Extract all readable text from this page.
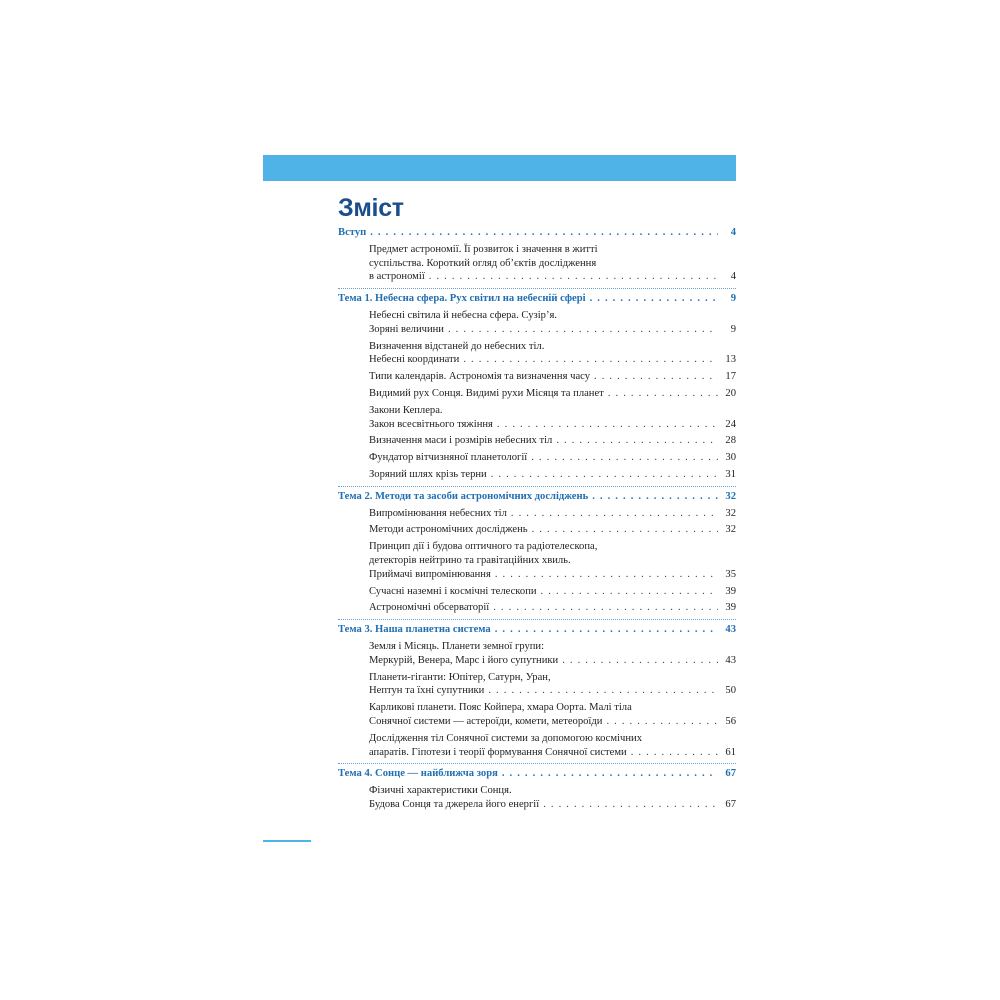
Зміст
Вступ . . .	4
Предмет астрономії. Її розвиток і значення в житті
суспільства. Короткий огляд об’єктів дослідження
в астрономії . . .	4
Тема 1. Небесна сфера. Рух світил на небесній сфері . . .	9
Небесні світила й небесна сфера. Сузір’я.
Зоряні величини . . .	9
Визначення відстаней до небесних тіл.
Небесні координати . . .	13
Типи календарів. Астрономія та визначення часу . . .	17
Видимий рух Сонця. Видимі рухи Місяця та планет . . .	20
Закони Кеплера.
Закон всесвітнього тяжіння . . .	24
Визначення маси і розмірів небесних тіл . . .	28
Фундатор вітчизняної планетології . . .	30
Зоряний шлях крізь терни . . .	31
Тема 2. Методи та засоби астрономічних досліджень . . .	32
Випромінювання небесних тіл . . .	32
Методи астрономічних досліджень . . .	32
Принцип дії і будова оптичного та радіотелескопа,
детекторів нейтрино та гравітаційних хвиль.
Приймачі випромінювання . . .	35
Сучасні наземні і космічні телескопи . . .	39
Астрономічні обсерваторії . . .	39
Тема 3. Наша планетна система . . .	43
Земля і Місяць. Планети земної групи:
Меркурій, Венера, Марс і його супутники . . .	43
Планети-гіганти: Юпітер, Сатурн, Уран,
Нептун та їхні супутники . . .	50
Карликові планети. Пояс Койпера, хмара Оорта. Малі тіла
Сонячної системи — астероїди, комети, метеороїди . . .	56
Дослідження тіл Сонячної системи за допомогою космічних
апаратів. Гіпотези і теорії формування Сонячної системи . . .	61
Тема 4. Сонце — найближча зоря . . .	67
Фізичні характеристики Сонця.
Будова Сонця та джерела його енергії . . .	67
